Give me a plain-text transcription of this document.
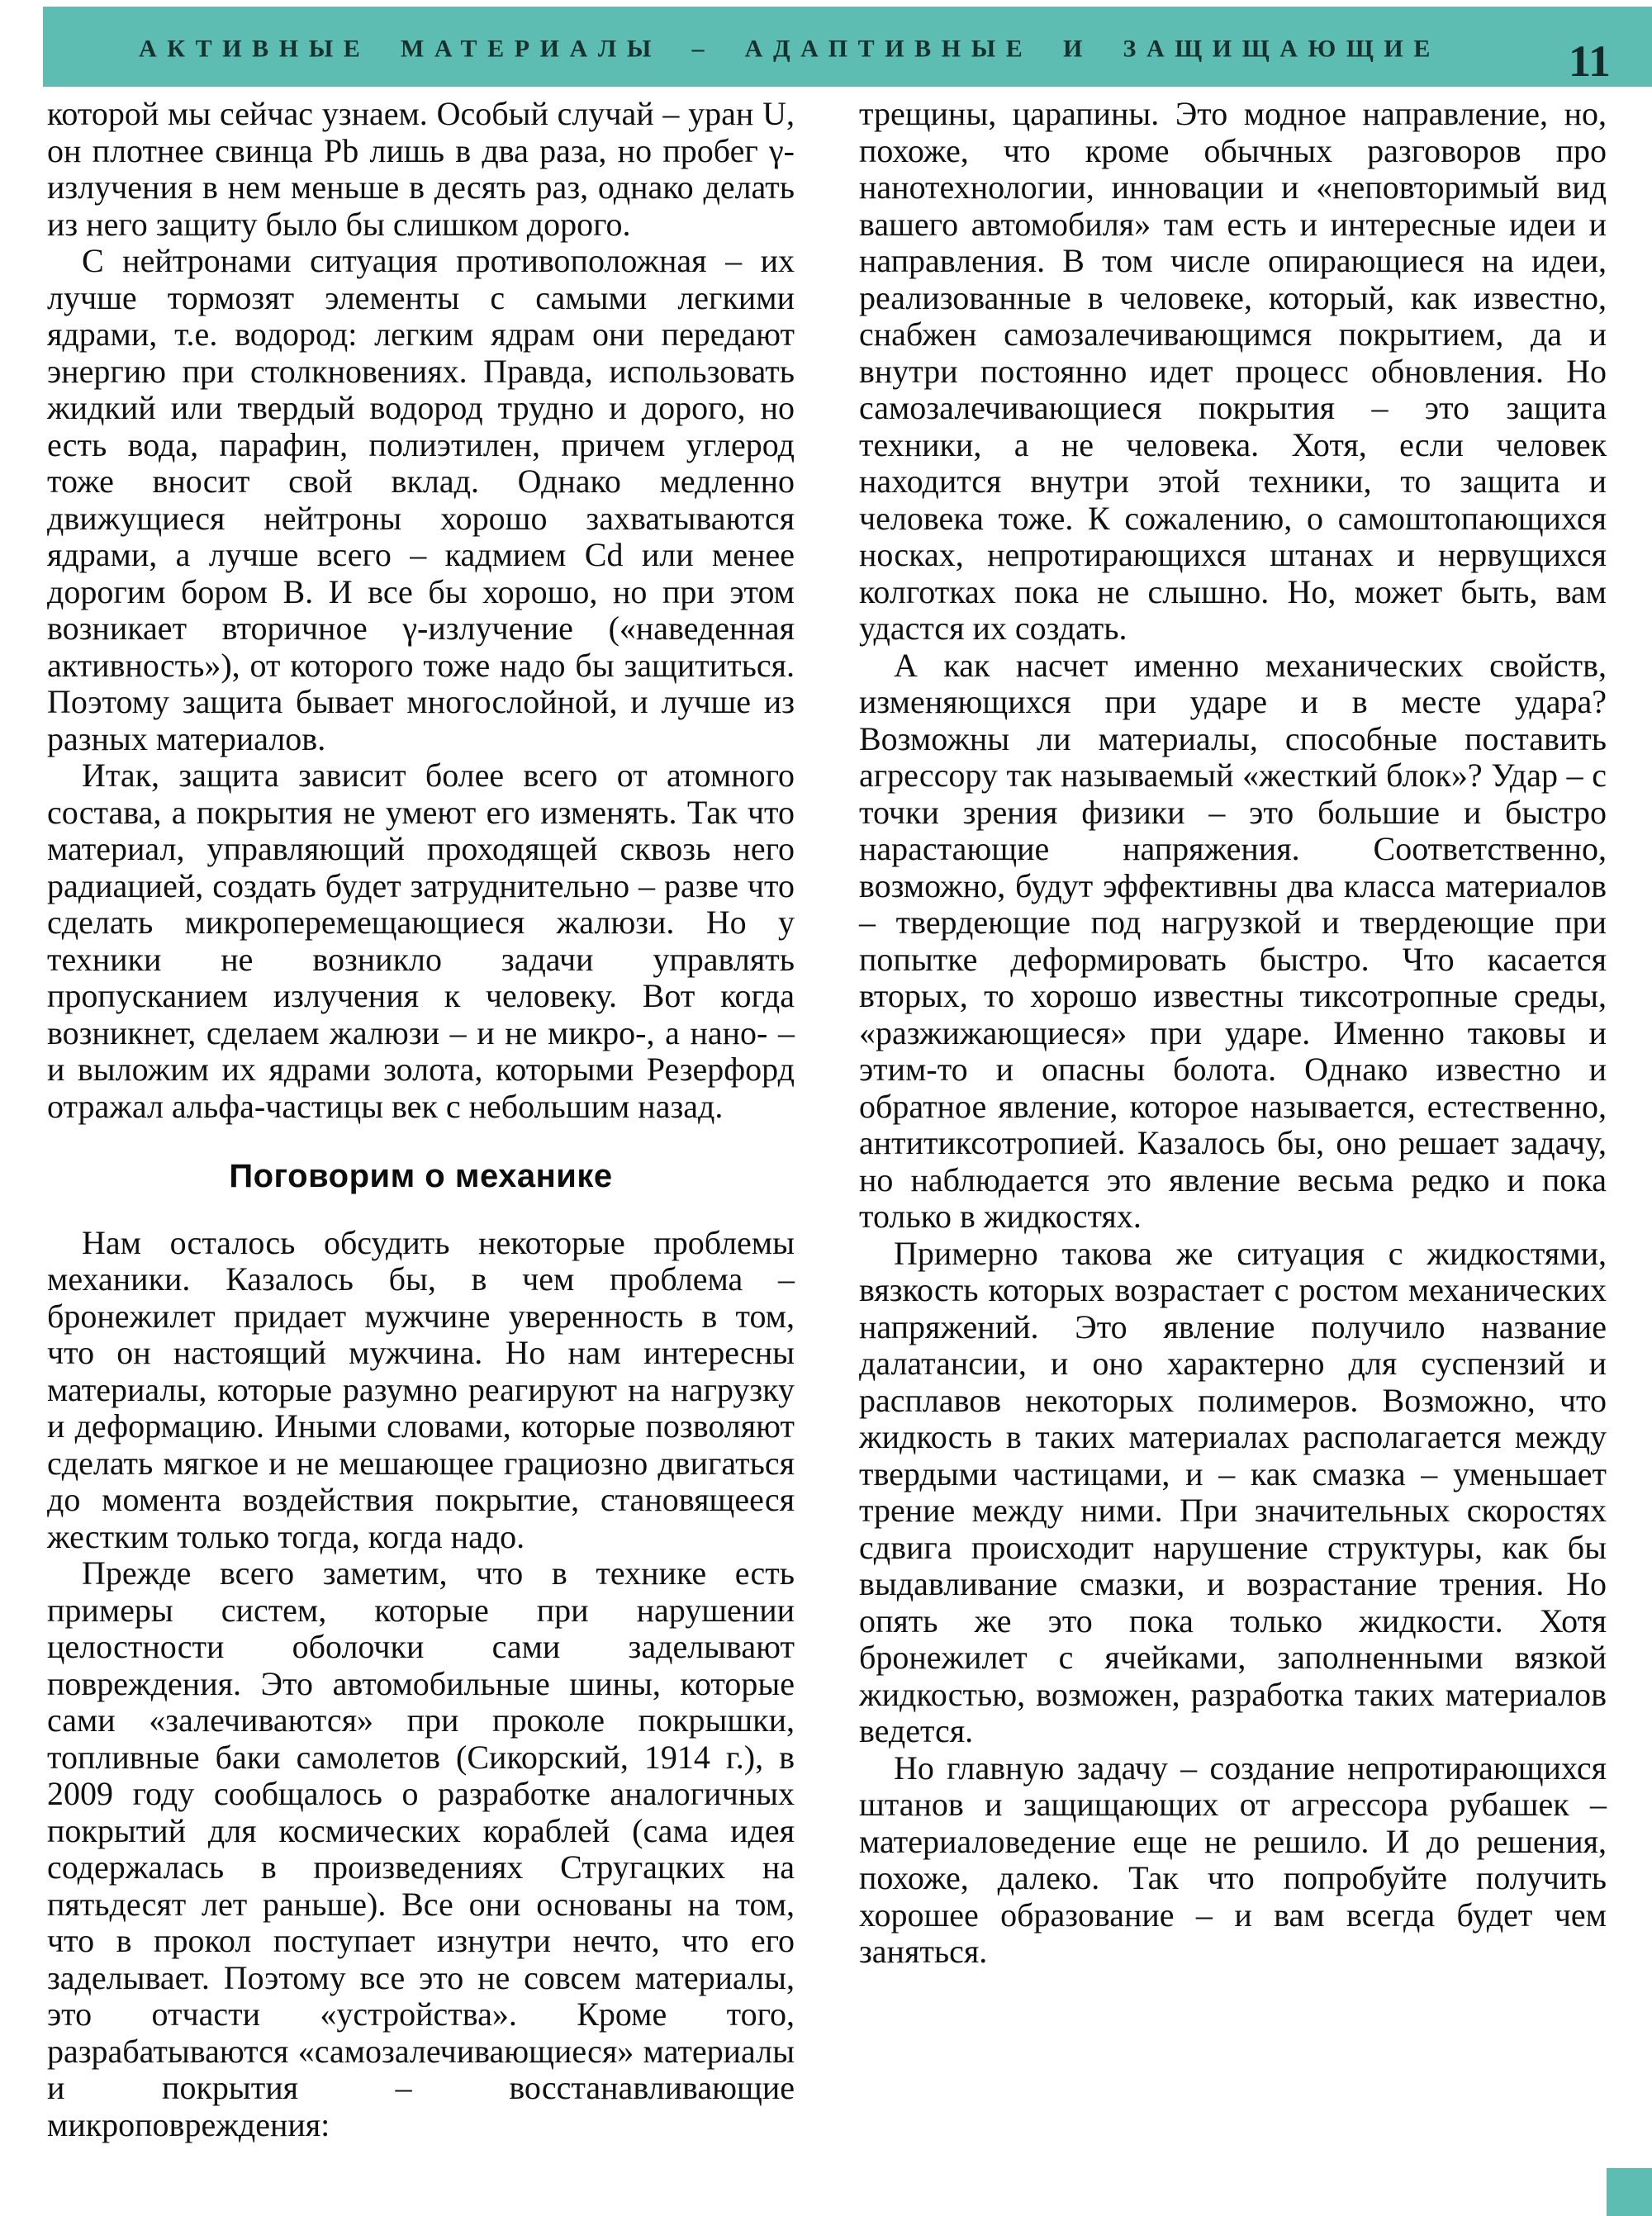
АКТИВНЫЕ МАТЕРИАЛЫ – АДАПТИВНЫЕ И ЗАЩИЩАЮЩИЕ	11

которой мы сейчас узнаем. Особый случай – уран U, он плотнее свинца Pb лишь в два раза, но пробег γ-излучения в нем меньше в десять раз, однако делать из него защиту было бы слишком дорого.

С нейтронами ситуация противоположная – их лучше тормозят элементы с самыми легкими ядрами, т.е. водород: легким ядрам они передают энергию при столкновениях. Правда, использовать жидкий или твердый водород трудно и дорого, но есть вода, парафин, полиэтилен, причем углерод тоже вносит свой вклад. Однако медленно движущиеся нейтроны хорошо захватываются ядрами, а лучше всего – кадмием Cd или менее дорогим бором B. И все бы хорошо, но при этом возникает вторичное γ-излучение («наведенная активность»), от которого тоже надо бы защититься. Поэтому защита бывает многослойной, и лучше из разных материалов.

Итак, защита зависит более всего от атомного состава, а покрытия не умеют его изменять. Так что материал, управляющий проходящей сквозь него радиацией, создать будет затруднительно – разве что сделать микроперемещающиеся жалюзи. Но у техники не возникло задачи управлять пропусканием излучения к человеку. Вот когда возникнет, сделаем жалюзи – и не микро-, а нано- – и выложим их ядрами золота, которыми Резерфорд отражал альфа-частицы век с небольшим назад.

Поговорим о механике

Нам осталось обсудить некоторые проблемы механики. Казалось бы, в чем проблема – бронежилет придает мужчине уверенность в том, что он настоящий мужчина. Но нам интересны материалы, которые разумно реагируют на нагрузку и деформацию. Иными словами, которые позволяют сделать мягкое и не мешающее грациозно двигаться до момента воздействия покрытие, становящееся жестким только тогда, когда надо.

Прежде всего заметим, что в технике есть примеры систем, которые при нарушении целостности оболочки сами заделывают повреждения. Это автомобильные шины, которые сами «залечиваются» при проколе покрышки, топливные баки самолетов (Сикорский, 1914 г.), в 2009 году сообщалось о разработке аналогичных покрытий для космических кораблей (сама идея содержалась в произведениях Стругацких на пятьдесят лет раньше). Все они основаны на том, что в прокол поступает изнутри нечто, что его заделывает. Поэтому все это не совсем материалы, это отчасти «устройства». Кроме того, разрабатываются «самозалечивающиеся» материалы и покрытия – восстанавливающие микроповреждения:

трещины, царапины. Это модное направление, но, похоже, что кроме обычных разговоров про нанотехнологии, инновации и «неповторимый вид вашего автомобиля» там есть и интересные идеи и направления. В том числе опирающиеся на идеи, реализованные в человеке, который, как известно, снабжен самозалечивающимся покрытием, да и внутри постоянно идет процесс обновления. Но самозалечивающиеся покрытия – это защита техники, а не человека. Хотя, если человек находится внутри этой техники, то защита и человека тоже. К сожалению, о самоштопающихся носках, непротирающихся штанах и нервущихся колготках пока не слышно. Но, может быть, вам удастся их создать.

А как насчет именно механических свойств, изменяющихся при ударе и в месте удара? Возможны ли материалы, способные поставить агрессору так называемый «жесткий блок»? Удар – с точки зрения физики – это большие и быстро нарастающие напряжения. Соответственно, возможно, будут эффективны два класса материалов – твердеющие под нагрузкой и твердеющие при попытке деформировать быстро. Что касается вторых, то хорошо известны тиксотропные среды, «разжижающиеся» при ударе. Именно таковы и этим-то и опасны болота. Однако известно и обратное явление, которое называется, естественно, антитиксотропией. Казалось бы, оно решает задачу, но наблюдается это явление весьма редко и пока только в жидкостях.

Примерно такова же ситуация с жидкостями, вязкость которых возрастает с ростом механических напряжений. Это явление получило название далатансии, и оно характерно для суспензий и расплавов некоторых полимеров. Возможно, что жидкость в таких материалах располагается между твердыми частицами, и – как смазка – уменьшает трение между ними. При значительных скоростях сдвига происходит нарушение структуры, как бы выдавливание смазки, и возрастание трения. Но опять же это пока только жидкости. Хотя бронежилет с ячейками, заполненными вязкой жидкостью, возможен, разработка таких материалов ведется.

Но главную задачу – создание непротирающихся штанов и защищающих от агрессора рубашек – материаловедение еще не решило. И до решения, похоже, далеко. Так что попробуйте получить хорошее образование – и вам всегда будет чем заняться.
